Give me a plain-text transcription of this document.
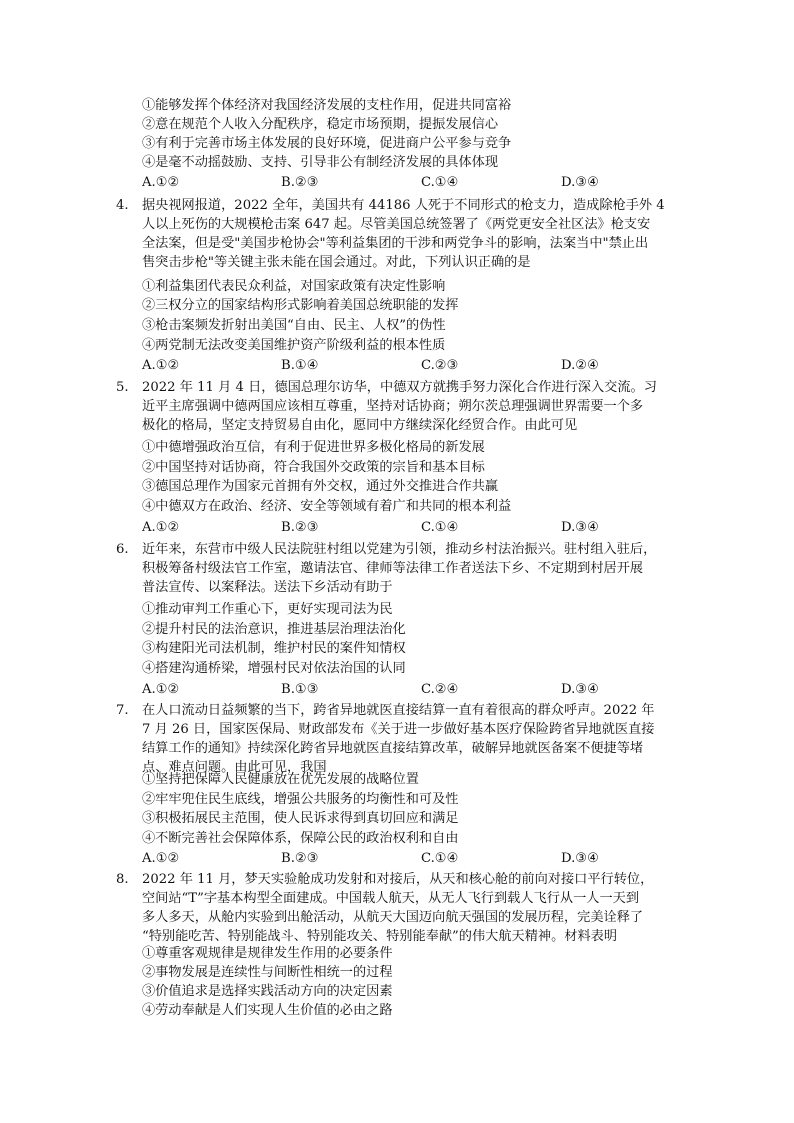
①能够发挥个体经济对我国经济发展的支柱作用，促进共同富裕
②意在规范个人收入分配秩序，稳定市场预期，提振发展信心
③有利于完善市场主体发展的良好环境，促进商户公平参与竞争
④是毫不动摇鼓励、支持、引导非公有制经济发展的具体体现
A.①②	B.②③	C.①④	D.③④
4.	据央视网报道，2022 全年，美国共有 44186 人死于不同形式的枪支力，造成除枪手外 4

人以上死伤的大规模枪击案 647 起。尽管美国总统签署了《两党更安全社区法》枪支安

全法案，但是受"美国步枪协会"等利益集团的干涉和两党争斗的影响，法案当中"禁止出

售突击步枪"等关键主张未能在国会通过。对此，下列认识正确的是

①利益集团代表民众利益，对国家政策有决定性影响
②三权分立的国家结构形式影响着美国总统职能的发挥
③枪击案频发折射出美国“自由、民主、人权”的伪性
④两党制无法改变美国维护资产阶级利益的根本性质
A.①②	B.①④	C.②③	D.②④
5.	2022 年 11 月 4 日，德国总理尔访华，中德双方就携手努力深化合作进行深入交流。习

近平主席强调中德两国应该相互尊重，坚持对话协商；朔尔茨总理强调世界需要一个多

极化的格局，坚定支持贸易自由化，愿同中方继续深化经贸合作。由此可见

①中德增强政治互信，有利于促进世界多极化格局的新发展
②中国坚持对话协商，符合我国外交政策的宗旨和基本目标
③德国总理作为国家元首拥有外交权，通过外交推进合作共赢
④中德双方在政治、经济、安全等领域有着广和共同的根本利益
A.①②	B.②③	C.①④	D.③④
6.	近年来，东营市中级人民法院驻村组以党建为引领，推动乡村法治振兴。驻村组入驻后，

积极筹备村级法官工作室，邀请法官、律师等法律工作者送法下乡、不定期到村居开展

普法宣传、以案释法。送法下乡活动有助于

①推动审判工作重心下，更好实现司法为民
②提升村民的法治意识，推进基层治理法治化
③构建阳光司法机制，维护村民的案件知情权
④搭建沟通桥梁，增强村民对依法治国的认同
A.①②	B.①③	C.②④	D.③④
7.	在人口流动日益频繁的当下，跨省异地就医直接结算一直有着很高的群众呼声。2022 年

7 月 26 日，国家医保局、财政部发布《关于进一步做好基本医疗保险跨省异地就医直接

结算工作的通知》持续深化跨省异地就医直接结算改革，破解异地就医备案不便捷等堵

点、难点问题。由此可见，我国

①坚持把保障人民健康放在优先发展的战略位置
②牢牢兜住民生底线，增强公共服务的均衡性和可及性
③积极拓展民主范围，使人民诉求得到真切回应和满足
④不断完善社会保障体系，保障公民的政治权利和自由
A.①②	B.②③	C.①④	D.③④
8.	2022 年 11 月，梦天实验舱成功发射和对接后，从天和核心舱的前向对接口平行转位，

空间站“T”字基本构型全面建成。中国载人航天，从无人飞行到载人飞行从一人一天到

多人多天，从舱内实验到出舱活动，从航天大国迈向航天强国的发展历程，完美诠释了

“特别能吃苦、特别能战斗、特别能攻关、特别能奉献”的伟大航天精神。材料表明

①尊重客观规律是规律发生作用的必要条件
②事物发展是连续性与间断性相统一的过程
③价值追求是选择实践活动方向的决定因素
④劳动奉献是人们实现人生价值的必由之路
